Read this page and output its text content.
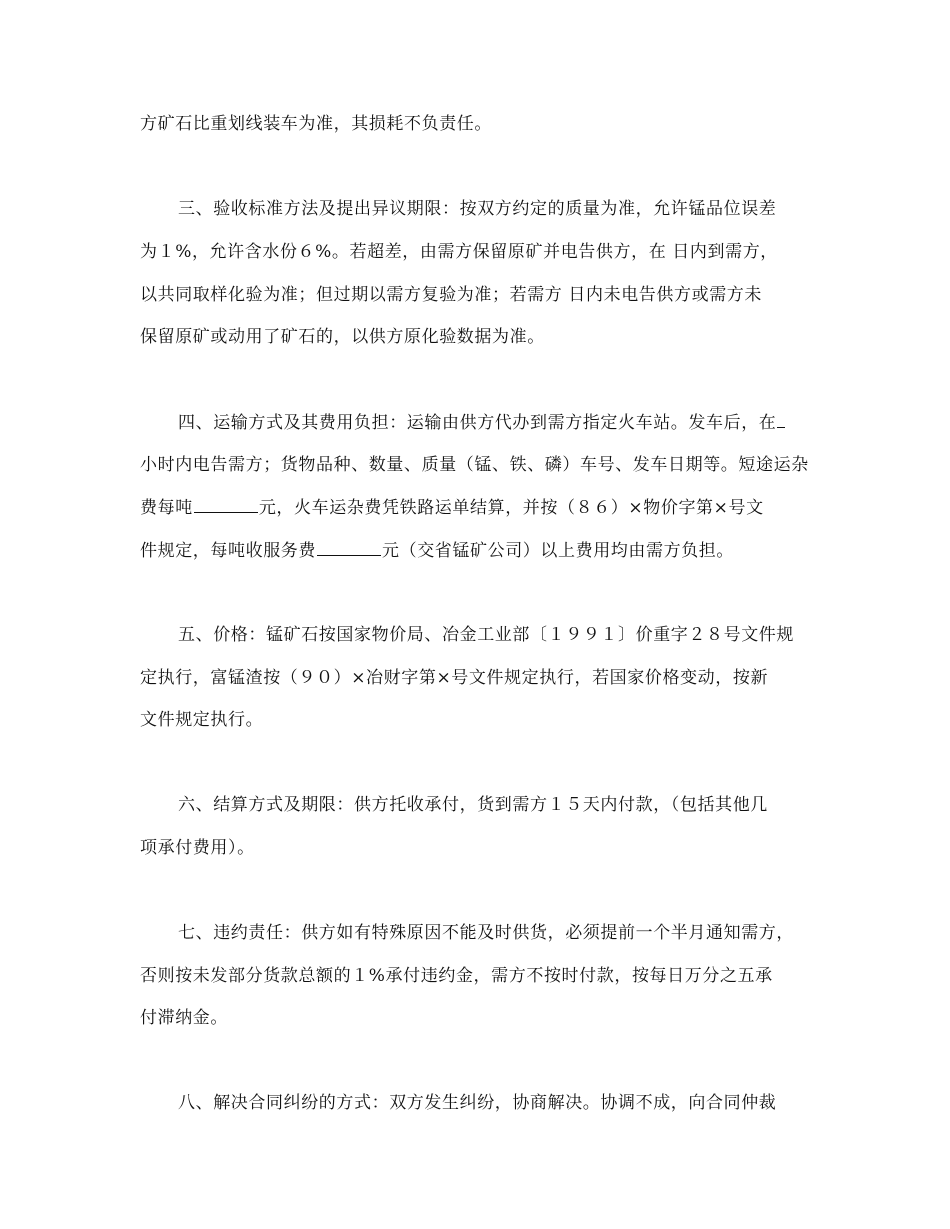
方矿石比重划线装车为准，其损耗不负责任。
三、验收标准方法及提出异议期限：按双方约定的质量为准，允许锰品位误差
为１%，允许含水份６%。若超差，由需方保留原矿并电告供方，在 日内到需方，
以共同取样化验为准；但过期以需方复验为准；若需方 日内未电告供方或需方未
保留原矿或动用了矿石的，以供方原化验数据为准。
四、运输方式及其费用负担：运输由供方代办到需方指定火车站。发车后，在
小时内电告需方；货物品种、数量、质量（锰、铁、磷）车号、发车日期等。短途运杂
费每吨	元，火车运杂费凭铁路运单结算，并按（８６）×物价字第×号文
件规定，每吨收服务费	元（交省锰矿公司）以上费用均由需方负担。
五、价格：锰矿石按国家物价局、冶金工业部〔１９９１〕价重字２８号文件规
定执行，富锰渣按（９０）×冶财字第×号文件规定执行，若国家价格变动，按新
文件规定执行。
六、结算方式及期限：供方托收承付，货到需方１５天内付款，（包括其他几
项承付费用）。
七、违约责任：供方如有特殊原因不能及时供货，必须提前一个半月通知需方，
否则按未发部分货款总额的１%承付违约金，需方不按时付款，按每日万分之五承
付滞纳金。
八、解决合同纠纷的方式：双方发生纠纷，协商解决。协调不成，向合同仲裁
